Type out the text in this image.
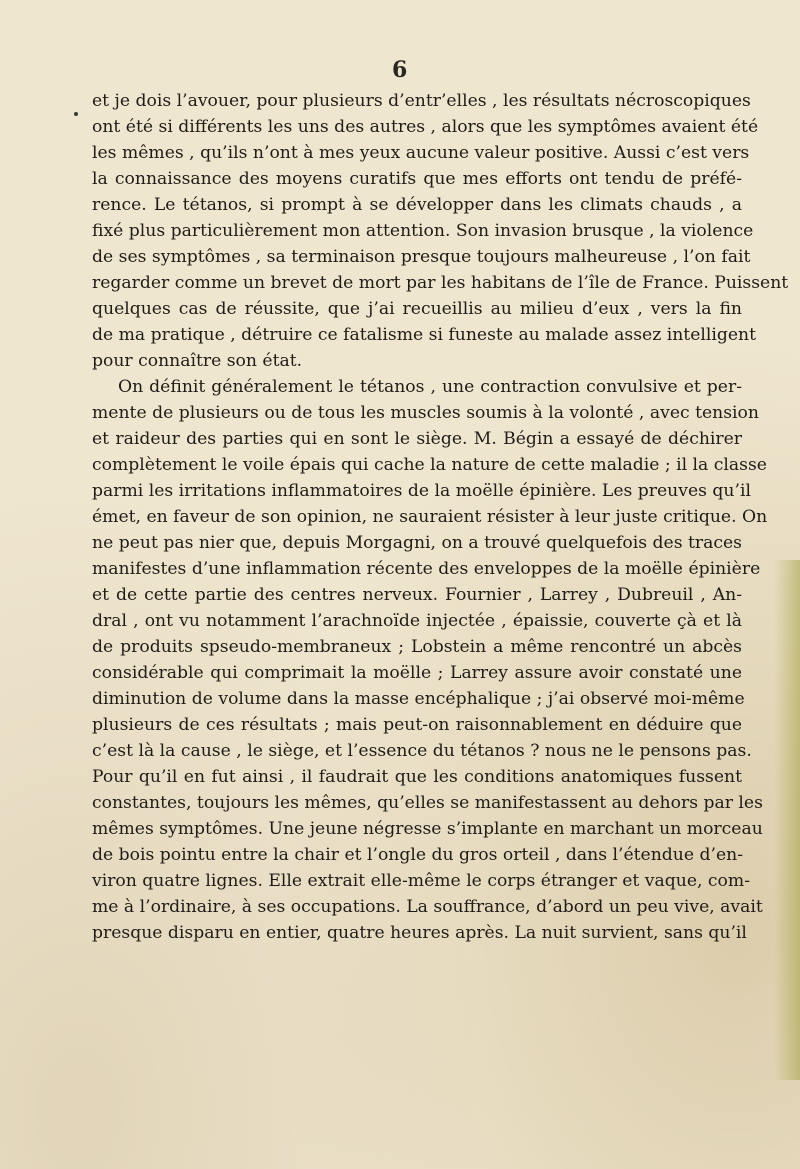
6
et je dois l’avouer, pour plusieurs d’entr’elles , les résultats nécroscopiques
ont été si différents les uns des autres , alors que les symptômes avaient été
les mêmes , qu’ils n’ont à mes yeux aucune valeur positive. Aussi c’est vers
la connaissance des moyens curatifs que mes efforts ont tendu de préfé-
rence. Le tétanos, si prompt à se développer dans les climats chauds , a
fixé plus particulièrement mon attention. Son invasion brusque , la violence
de ses symptômes , sa terminaison presque toujours malheureuse , l’on fait
regarder comme un brevet de mort par les habitans de l’île de France. Puissent
quelques cas de réussite, que j’ai recueillis au milieu d’eux , vers la fin
de ma pratique , détruire ce fatalisme si funeste au malade assez intelligent
pour connaître son état.
On définit généralement le tétanos , une contraction convulsive et per-
mente de plusieurs ou de tous les muscles soumis à la volonté , avec tension
et raideur des parties qui en sont le siège. M. Bégin a essayé de déchirer
complètement le voile épais qui cache la nature de cette maladie ; il la classe
parmi les irritations inflammatoires de la moëlle épinière. Les preuves qu’il
émet, en faveur de son opinion, ne sauraient résister à leur juste critique. On
ne peut pas nier que, depuis Morgagni, on a trouvé quelquefois des traces
manifestes d’une inflammation récente des enveloppes de la moëlle épinière
et de cette partie des centres nerveux. Fournier , Larrey , Dubreuil , An-
dral , ont vu notamment l’arachnoïde injectée , épaissie, couverte çà et là
de produits spseudo-membraneux ; Lobstein a même rencontré un abcès
considérable qui comprimait la moëlle ; Larrey assure avoir constaté une
diminution de volume dans la masse encéphalique ; j’ai observé moi-même
plusieurs de ces résultats ; mais peut-on raisonnablement en déduire que
c’est là la cause , le siège, et l’essence du tétanos ? nous ne le pensons pas.
Pour qu’il en fut ainsi , il faudrait que les conditions anatomiques fussent
constantes, toujours les mêmes, qu’elles se manifestassent au dehors par les
mêmes symptômes. Une jeune négresse s’implante en marchant un morceau
de bois pointu entre la chair et l’ongle du gros orteil , dans l’étendue d’en-
viron quatre lignes. Elle extrait elle-même le corps étranger et vaque, com-
me à l’ordinaire, à ses occupations. La souffrance, d’abord un peu vive, avait
presque disparu en entier, quatre heures après. La nuit survient, sans qu’il
